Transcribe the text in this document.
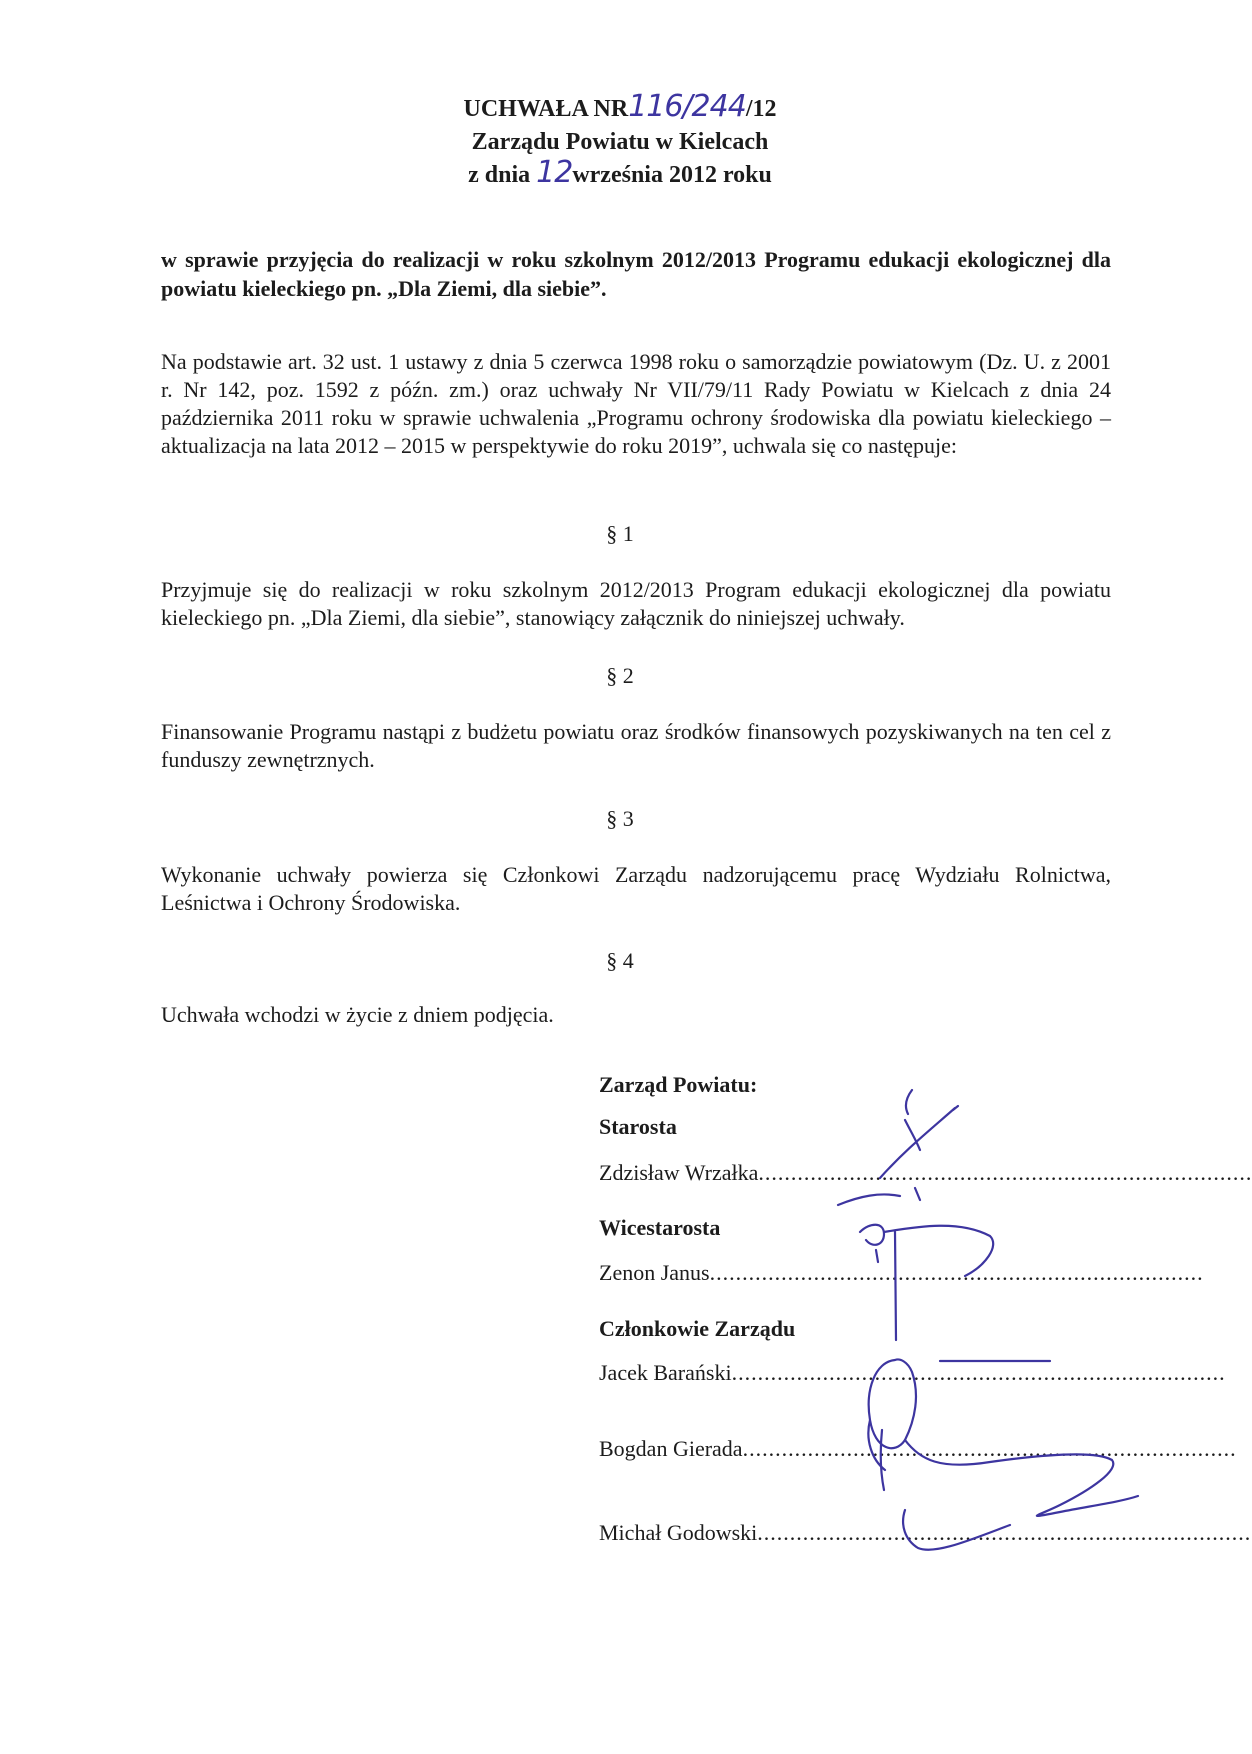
UCHWAŁA NR116/244/12
Zarządu Powiatu w Kielcach
z dnia 12września 2012 roku
w sprawie przyjęcia do realizacji w roku szkolnym 2012/2013 Programu edukacji ekologicznej dla powiatu kieleckiego pn. „Dla Ziemi, dla siebie”.
Na podstawie art. 32 ust. 1 ustawy z dnia 5 czerwca 1998 roku o samorządzie powiatowym (Dz. U. z 2001 r. Nr 142, poz. 1592 z późn. zm.) oraz uchwały Nr VII/79/11 Rady Powiatu w Kielcach z dnia 24 października 2011 roku w sprawie uchwalenia „Programu ochrony środowiska dla powiatu kieleckiego – aktualizacja na lata 2012 – 2015 w perspektywie do roku 2019”, uchwala się co następuje:
§ 1
Przyjmuje się do realizacji w roku szkolnym 2012/2013 Program edukacji ekologicznej dla powiatu kieleckiego pn. „Dla Ziemi, dla siebie”, stanowiący załącznik do niniejszej uchwały.
§ 2
Finansowanie Programu nastąpi z budżetu powiatu oraz środków finansowych pozyskiwanych na ten cel z funduszy zewnętrznych.
§ 3
Wykonanie uchwały powierza się Członkowi Zarządu nadzorującemu pracę Wydziału Rolnictwa, Leśnictwa i Ochrony Środowiska.
§ 4
Uchwała wchodzi w życie z dniem podjęcia.
Zarząd Powiatu:
Starosta
Zdzisław Wrzałka............................................................................
Wicestarosta
Zenon Janus............................................................................
Członkowie Zarządu
Jacek Barański............................................................................
Bogdan Gierada............................................................................
Michał Godowski............................................................................
